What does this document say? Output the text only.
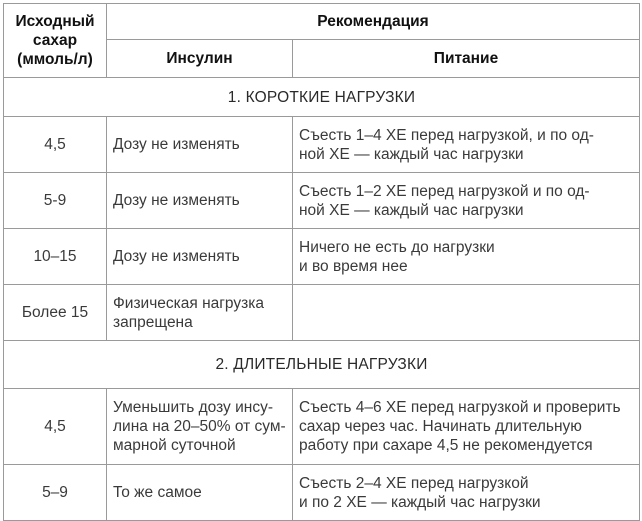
Исходный
сахар
(ммоль/л)	Рекомендация	
	Инсулин	Питание
1. КОРОТКИЕ НАГРУЗКИ		
4,5	Дозу не изменять	Съесть 1–4 ХЕ перед нагрузкой, и по од-
ной ХЕ — каждый час нагрузки
5-9	Дозу не изменять	Съесть 1–2 ХЕ перед нагрузкой и по од-
ной ХЕ — каждый час нагрузки
10–15	Дозу не изменять	Ничего не есть до нагрузки
и во время нее
Более 15	Физическая нагрузка
запрещена	
2. ДЛИТЕЛЬНЫЕ НАГРУЗКИ		
4,5	Уменьшить дозу инсу-
лина на 20–50% от сум-
марной суточной	Съесть 4–6 ХЕ перед нагрузкой и проверить
сахар через час. Начинать длительную
работу при сахаре 4,5 не рекомендуется
5–9	То же самое	Съесть 2–4 ХЕ перед нагрузкой
и по 2 ХЕ — каждый час нагрузки
